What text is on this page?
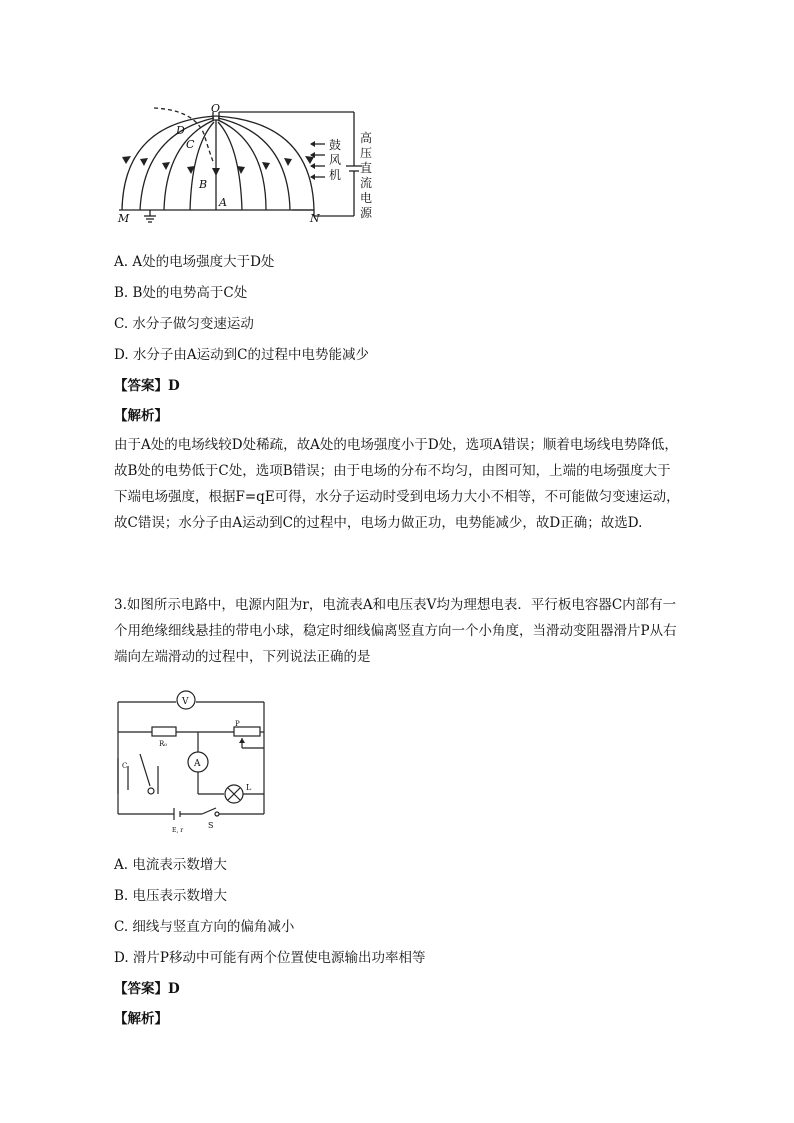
O
D
C
B
A
M	N
鼓
风
机
高
压
直
流
电
源
A. A处的电场强度大于D处
B. B处的电势高于C处
C. 水分子做匀变速运动
D. 水分子由A运动到C的过程中电势能减少
【答案】D
【解析】
由于A处的电场线较D处稀疏，故A处的电场强度小于D处，选项A错误；顺着电场线电势降低，故B处的电势低于C处，选项B错误；由于电场的分布不均匀，由图可知，上端的电场强度大于下端电场强度，根据F=qE可得，水分子运动时受到电场力大小不相等，不可能做匀变速运动，故C错误；水分子由A运动到C的过程中，电场力做正功，电势能减少，故D正确；故选D.
3.如图所示电路中，电源内阻为r，电流表A和电压表V均为理想电表．平行板电容器C内部有一个用绝缘细线悬挂的带电小球，稳定时细线偏离竖直方向一个小角度，当滑动变阻器滑片P从右端向左端滑动的过程中，下列说法正确的是
V
A
R₀
P
C
L
S
E, r
A. 电流表示数增大
B. 电压表示数增大
C. 细线与竖直方向的偏角减小
D. 滑片P移动中可能有两个位置使电源输出功率相等
【答案】D
【解析】
